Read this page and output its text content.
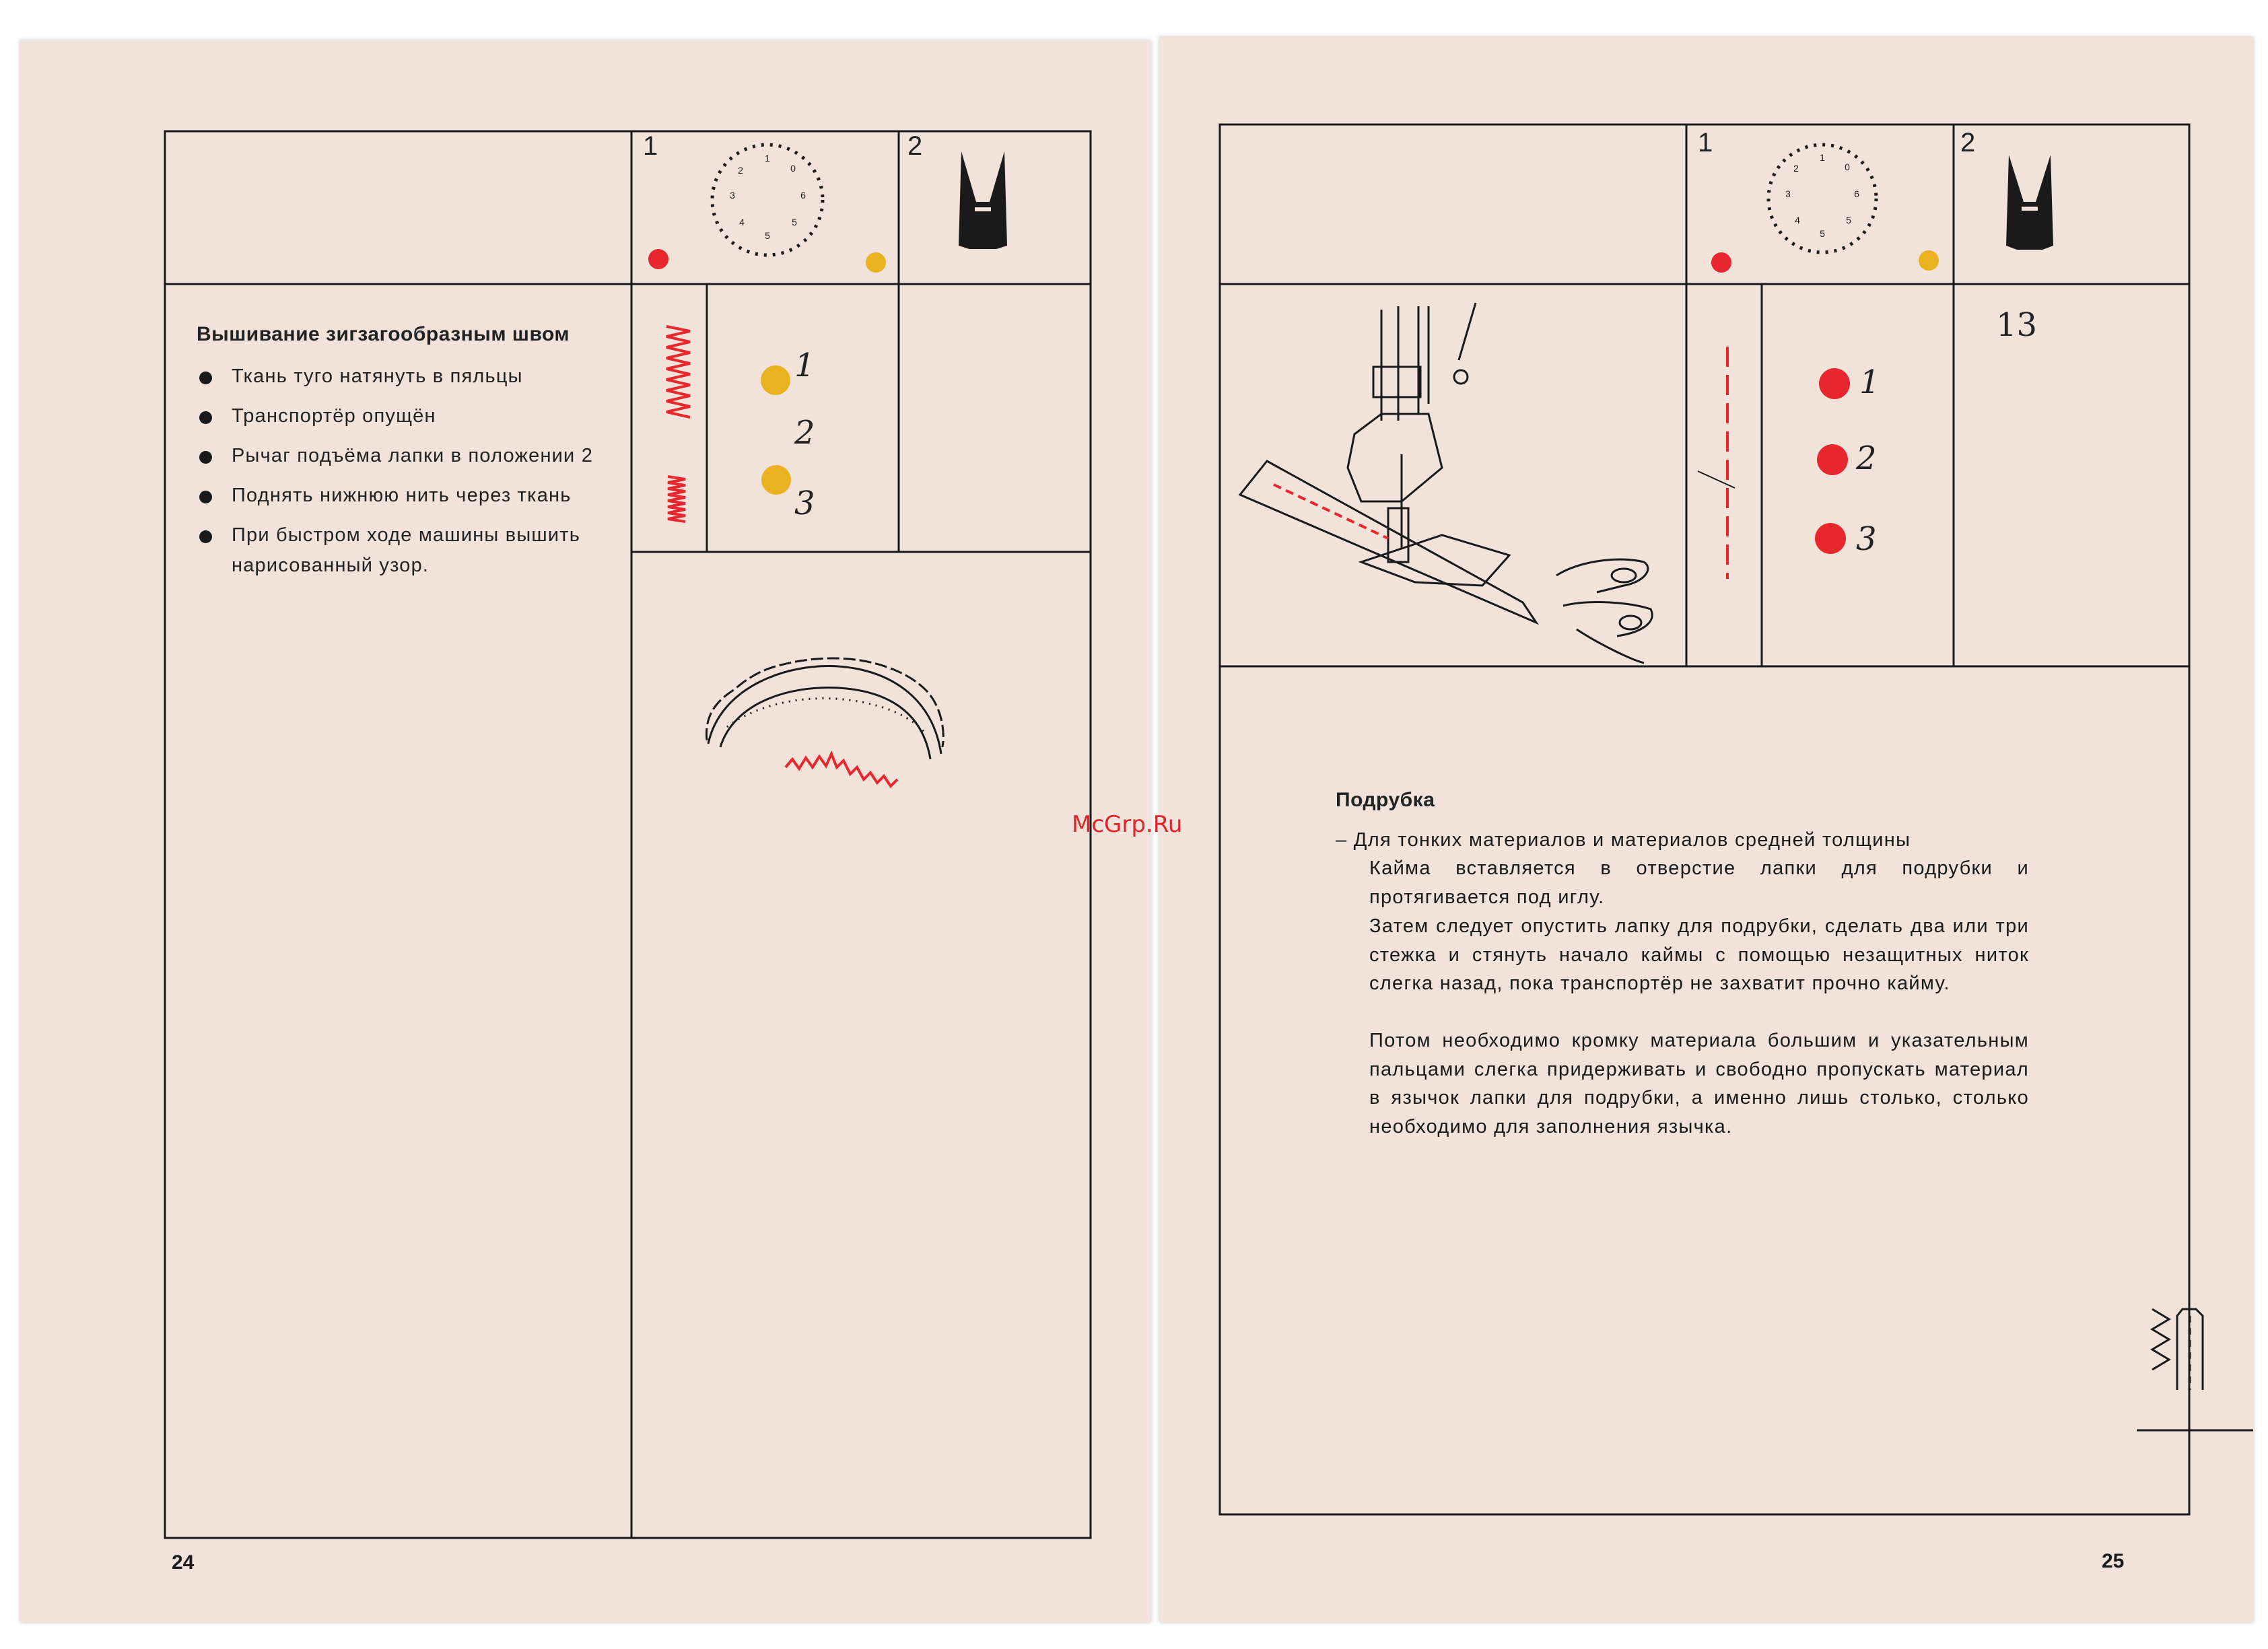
1
0
6
5
5
4
3
2
1	2
Вышивание зигзагообразным швом
Ткань туго натянуть в пяльцы
Транспортёр опущён
Рычаг подъёма лапки в положении 2
Поднять нижнюю нить через ткань
При быстром ходе машины вышить нарисованный узор.
1
2
3
24
1
0
6
5
5
4
3
2
1	2
13
1
2
3
Подрубка
– Для тонких материалов и материалов средней толщины
Кайма вставляется в отверстие лапки для подрубки и протягивается под иглу.
Затем следует опустить лапку для подрубки, сделать два или три стежка и стянуть начало каймы с помощью незащитных ниток слегка назад, пока транспортёр не захватит прочно кайму.
Потом необходимо кромку материала большим и указательным пальцами слегка придерживать и свободно пропускать материал в язычок лапки для подрубки, а именно лишь столько, столько необходимо для заполнения язычка.
25
McGrp.Ru
